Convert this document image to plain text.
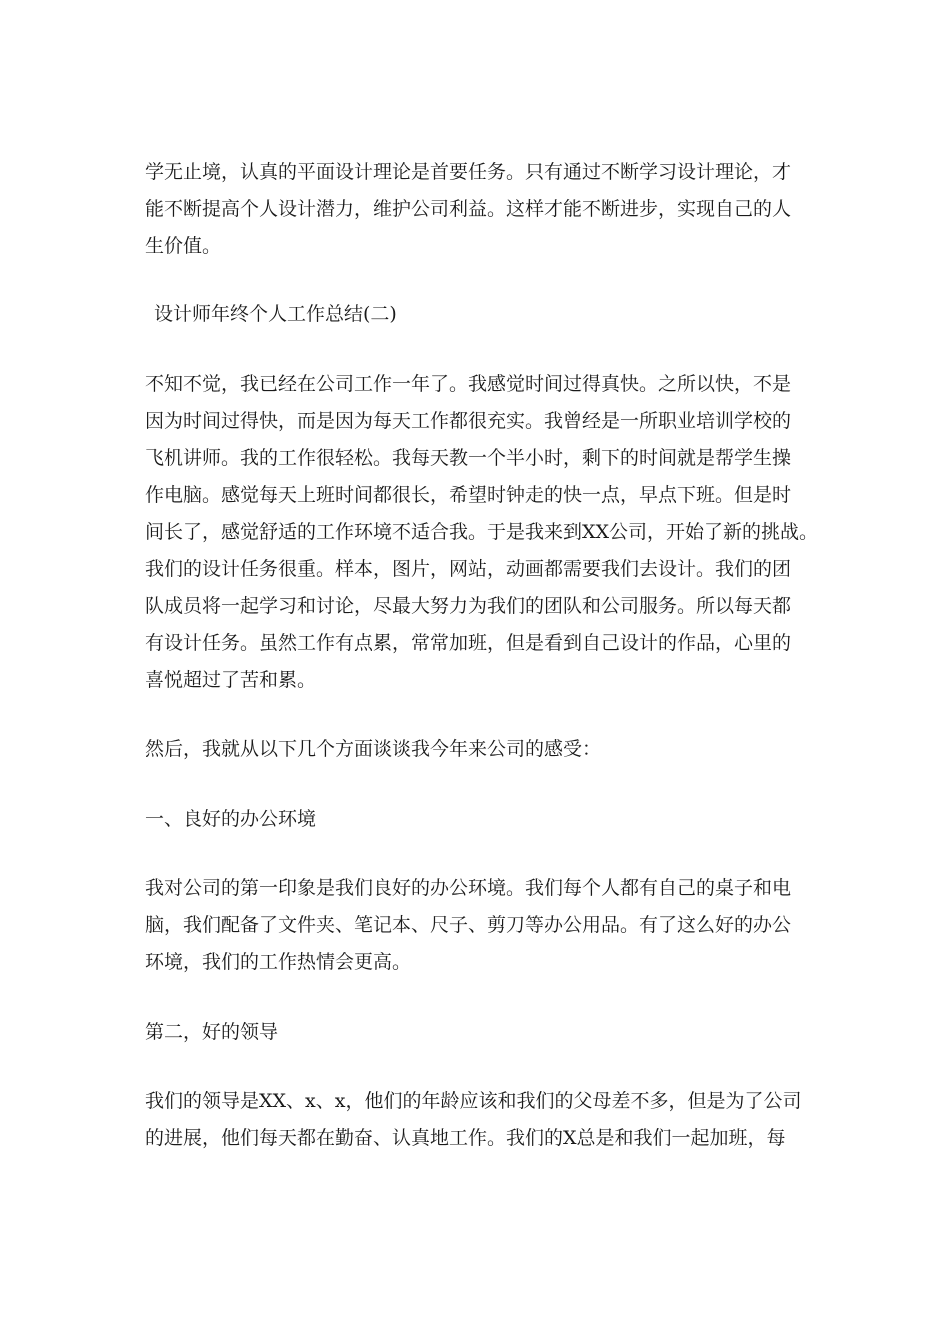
学无止境，认真的平面设计理论是首要任务。只有通过不断学习设计理论，才
能不断提高个人设计潜力，维护公司利益。这样才能不断进步，实现自己的人
生价值。
设计师年终个人工作总结(二)
不知不觉，我已经在公司工作一年了。我感觉时间过得真快。之所以快，不是
因为时间过得快，而是因为每天工作都很充实。我曾经是一所职业培训学校的
飞机讲师。我的工作很轻松。我每天教一个半小时，剩下的时间就是帮学生操
作电脑。感觉每天上班时间都很长，希望时钟走的快一点，早点下班。但是时
间长了，感觉舒适的工作环境不适合我。于是我来到XX公司，开始了新的挑战。
我们的设计任务很重。样本，图片，网站，动画都需要我们去设计。我们的团
队成员将一起学习和讨论，尽最大努力为我们的团队和公司服务。所以每天都
有设计任务。虽然工作有点累，常常加班，但是看到自己设计的作品，心里的
喜悦超过了苦和累。
然后，我就从以下几个方面谈谈我今年来公司的感受：
一、良好的办公环境
我对公司的第一印象是我们良好的办公环境。我们每个人都有自己的桌子和电
脑，我们配备了文件夹、笔记本、尺子、剪刀等办公用品。有了这么好的办公
环境，我们的工作热情会更高。
第二，好的领导
我们的领导是XX、x、x，他们的年龄应该和我们的父母差不多，但是为了公司
的进展，他们每天都在勤奋、认真地工作。我们的X总是和我们一起加班，每
